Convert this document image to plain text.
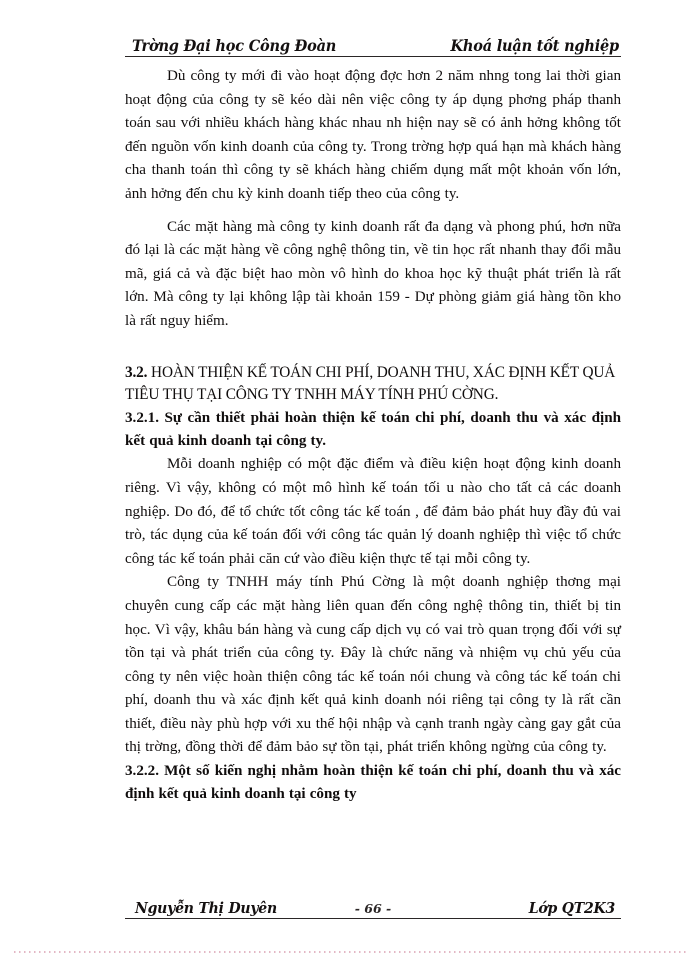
Trờng Đại học Công Đoàn	Khoá luận tốt nghiệp

Dù công ty mới đi vào hoạt động đợc hơn 2 năm nhng tong lai thời gian hoạt động của công ty sẽ kéo dài nên việc công ty áp dụng phơng pháp thanh toán sau với nhiều khách hàng khác nhau nh hiện nay sẽ có ảnh hởng không tốt đến nguồn vốn kinh doanh của công ty. Trong trờng hợp quá hạn mà khách hàng cha thanh toán thì công ty sẽ khách hàng chiếm dụng mất một khoản vốn lớn, ảnh hởng đến chu kỳ kinh doanh tiếp theo của công ty.

Các mặt hàng mà công ty kinh doanh rất đa dạng và phong phú, hơn nữa đó lại là các mặt hàng về công nghệ thông tin, về tin học rất nhanh thay đổi mẫu mã, giá cả và đặc biệt hao mòn vô hình do khoa học kỹ thuật phát triển là rất lớn. Mà công ty lại không lập tài khoản 159 - Dự phòng giảm giá hàng tồn kho là rất nguy hiểm.

3.2. HOÀN THIỆN KẾ TOÁN CHI PHÍ, DOANH THU, XÁC ĐỊNH KẾT QUẢ TIÊU THỤ TẠI CÔNG TY TNHH MÁY TÍNH PHÚ CỜNG.
3.2.1. Sự cần thiết phải hoàn thiện kế toán chi phí, doanh thu và xác định kết quả kinh doanh tại công ty.

Mỗi doanh nghiệp có một đặc điểm và điều kiện hoạt động kinh doanh riêng. Vì vậy, không có một mô hình kế toán tối u nào cho tất cả các doanh nghiệp. Do đó, để tổ chức tốt công tác kế toán , để đảm bảo phát huy đầy đủ vai trò, tác dụng của kế toán đối với công tác quản lý doanh nghiệp thì việc tổ chức công tác kế toán phải căn cứ vào điều kiện thực tế tại mỗi công ty.

Công ty TNHH máy tính Phú Cờng là một doanh nghiệp thơng mại chuyên cung cấp các mặt hàng liên quan đến công nghệ thông tin, thiết bị tin học. Vì vậy, khâu bán hàng và cung cấp dịch vụ có vai trò quan trọng đối với sự tồn tại và phát triển của công ty. Đây là chức năng và nhiệm vụ chủ yếu của công ty nên việc hoàn thiện công tác kế toán nói chung và công tác kế toán chi phí, doanh thu và xác định kết quả kinh doanh nói riêng tại công ty là rất cần thiết, điều này phù hợp với xu thế hội nhập và cạnh tranh ngày càng gay gắt của thị trờng, đồng thời để đảm bảo sự tồn tại, phát triển không ngừng của công ty.

3.2.2. Một số kiến nghị nhằm hoàn thiện kế toán chi phí, doanh thu và xác định kết quả kinh doanh tại công ty
Nguyễn Thị Duyên	- 66 -	Lớp QT2K3
